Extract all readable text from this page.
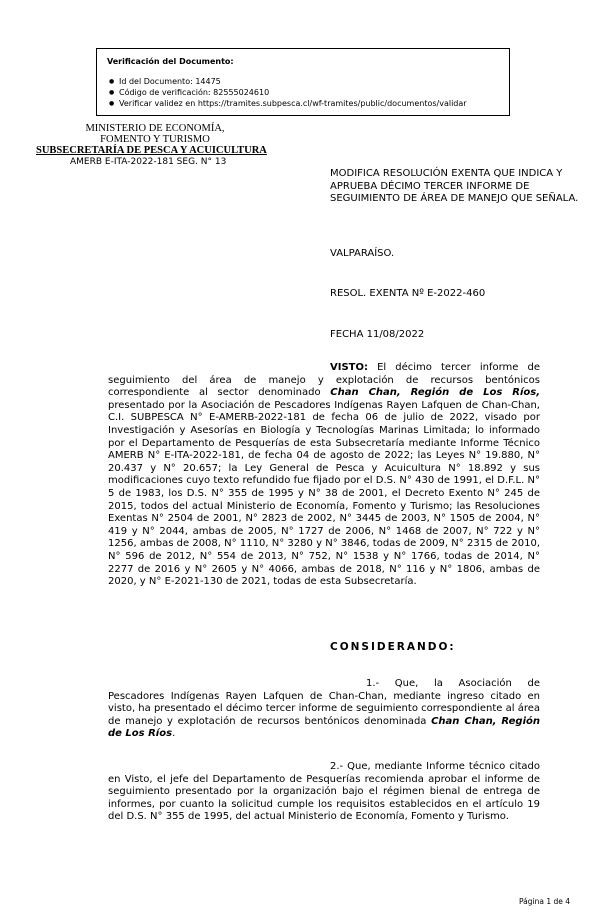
Verificación del Documento:

● Id del Documento: 14475
● Código de verificación: 82555024610
● Verificar validez en https://tramites.subpesca.cl/wf-tramites/public/documentos/validar
MINISTERIO DE ECONOMÍA,
FOMENTO Y TURISMO
SUBSECRETARÍA DE PESCA Y ACUICULTURA
AMERB E-ITA-2022-181 SEG. N° 13
MODIFICA RESOLUCIÓN EXENTA QUE INDICA Y APRUEBA DÉCIMO TERCER INFORME DE SEGUIMIENTO DE ÁREA DE MANEJO QUE SEÑALA.
VALPARAÍSO.
RESOL. EXENTA Nº E-2022-460
FECHA 11/08/2022

VISTO: El décimo tercer informe de seguimiento del área de manejo y explotación de recursos bentónicos correspondiente al sector denominado Chan Chan, Región de Los Ríos, presentado por la Asociación de Pescadores Indígenas Rayen Lafquen de Chan-Chan, C.I. SUBPESCA N° E-AMERB-2022-181 de fecha 06 de julio de 2022, visado por Investigación y Asesorías en Biología y Tecnologías Marinas Limitada; lo informado por el Departamento de Pesquerías de esta Subsecretaría mediante Informe Técnico AMERB N° E-ITA-2022-181, de fecha 04 de agosto de 2022; las Leyes N° 19.880, N° 20.437 y N° 20.657; la Ley General de Pesca y Acuicultura N° 18.892 y sus modificaciones cuyo texto refundido fue fijado por el D.S. N° 430 de 1991, el D.F.L. N° 5 de 1983, los D.S. N° 355 de 1995 y N° 38 de 2001, el Decreto Exento N° 245 de 2015, todos del actual Ministerio de Economía, Fomento y Turismo; las Resoluciones Exentas N° 2504 de 2001, N° 2823 de 2002, N° 3445 de 2003, N° 1505 de 2004, N° 419 y N° 2044, ambas de 2005, N° 1727 de 2006, N° 1468 de 2007, N° 722 y N° 1256, ambas de 2008, N° 1110, N° 3280 y N° 3846, todas de 2009, N° 2315 de 2010, N° 596 de 2012, N° 554 de 2013, N° 752, N° 1538 y N° 1766, todas de 2014, N° 2277 de 2016 y N° 2605 y N° 4066, ambas de 2018, N° 116 y N° 1806, ambas de 2020, y N° E-2021-130 de 2021, todas de esta Subsecretaría.

CONSIDERANDO:

1.- Que, la Asociación de Pescadores Indígenas Rayen Lafquen de Chan-Chan, mediante ingreso citado en visto, ha presentado el décimo tercer informe de seguimiento correspondiente al área de manejo y explotación de recursos bentónicos denominada Chan Chan, Región de Los Ríos.

2.- Que, mediante Informe técnico citado en Visto, el jefe del Departamento de Pesquerías recomienda aprobar el informe de seguimiento presentado por la organización bajo el régimen bienal de entrega de informes, por cuanto la solicitud cumple los requisitos establecidos en el artículo 19 del D.S. N° 355 de 1995, del actual Ministerio de Economía, Fomento y Turismo.

Página 1 de 4
